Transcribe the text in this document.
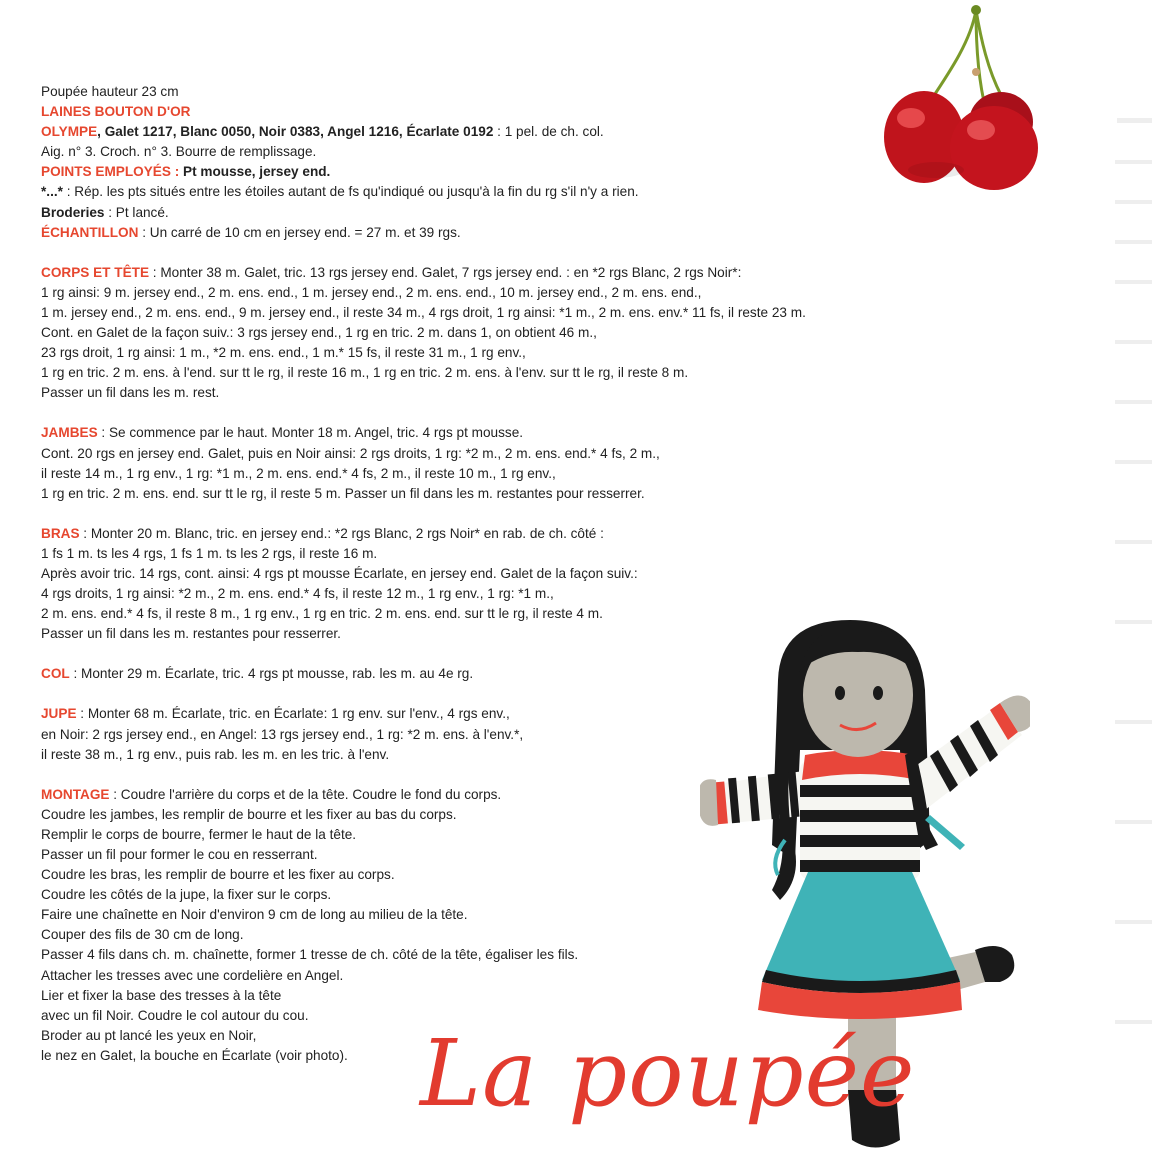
Poupée hauteur 23 cm
LAINES BOUTON D'OR
OLYMPE, Galet 1217, Blanc 0050, Noir 0383, Angel 1216, Écarlate 0192 : 1 pel. de ch. col.
Aig. n° 3. Croch. n° 3. Bourre de remplissage.
POINTS EMPLOYÉS : Pt mousse, jersey end.
*...* : Rép. les pts situés entre les étoiles autant de fs qu'indiqué ou jusqu'à la fin du rg s'il n'y a rien.
Broderies : Pt lancé.
ÉCHANTILLON : Un carré de 10 cm en jersey end. = 27 m. et 39 rgs.
CORPS ET TÊTE : Monter 38 m. Galet, tric. 13 rgs jersey end. Galet, 7 rgs jersey end. : en *2 rgs Blanc, 2 rgs Noir*:
1 rg ainsi: 9 m. jersey end., 2 m. ens. end., 1 m. jersey end., 2 m. ens. end., 10 m. jersey end., 2 m. ens. end.,
1 m. jersey end., 2 m. ens. end., 9 m. jersey end., il reste 34 m., 4 rgs droit, 1 rg ainsi: *1 m., 2 m. ens. env.* 11 fs, il reste 23 m.
Cont. en Galet de la façon suiv.: 3 rgs jersey end., 1 rg en tric. 2 m. dans 1, on obtient 46 m.,
23 rgs droit, 1 rg ainsi: 1 m., *2 m. ens. end., 1 m.* 15 fs, il reste 31 m., 1 rg env.,
1 rg en tric. 2 m. ens. à l'end. sur tt le rg, il reste 16 m., 1 rg en tric. 2 m. ens. à l'env. sur tt le rg, il reste 8 m.
Passer un fil dans les m. rest.
JAMBES : Se commence par le haut. Monter 18 m. Angel, tric. 4 rgs pt mousse.
Cont. 20 rgs en jersey end. Galet, puis en Noir ainsi: 2 rgs droits, 1 rg: *2 m., 2 m. ens. end.* 4 fs, 2 m.,
il reste 14 m., 1 rg env., 1 rg: *1 m., 2 m. ens. end.* 4 fs, 2 m., il reste 10 m., 1 rg env.,
1 rg en tric. 2 m. ens. end. sur tt le rg, il reste 5 m. Passer un fil dans les m. restantes pour resserrer.
BRAS : Monter 20 m. Blanc, tric. en jersey end.: *2 rgs Blanc, 2 rgs Noir* en rab. de ch. côté :
1 fs 1 m. ts les 4 rgs, 1 fs 1 m. ts les 2 rgs, il reste 16 m.
Après avoir tric. 14 rgs, cont. ainsi: 4 rgs pt mousse Écarlate, en jersey end. Galet de la façon suiv.:
4 rgs droits, 1 rg ainsi: *2 m., 2 m. ens. end.* 4 fs, il reste 12 m., 1 rg env., 1 rg: *1 m.,
2 m. ens. end.* 4 fs, il reste 8 m., 1 rg env., 1 rg en tric. 2 m. ens. end. sur tt le rg, il reste 4 m.
Passer un fil dans les m. restantes pour resserrer.
COL : Monter 29 m. Écarlate, tric. 4 rgs pt mousse, rab. les m. au 4e rg.
JUPE : Monter 68 m. Écarlate, tric. en Écarlate: 1 rg env. sur l'env., 4 rgs env.,
en Noir: 2 rgs jersey end., en Angel: 13 rgs jersey end., 1 rg: *2 m. ens. à l'env.*,
il reste 38 m., 1 rg env., puis rab. les m. en les tric. à l'env.
MONTAGE : Coudre l'arrière du corps et de la tête. Coudre le fond du corps.
Coudre les jambes, les remplir de bourre et les fixer au bas du corps.
Remplir le corps de bourre, fermer le haut de la tête.
Passer un fil pour former le cou en resserrant.
Coudre les bras, les remplir de bourre et les fixer au corps.
Coudre les côtés de la jupe, la fixer sur le corps.
Faire une chaînette en Noir d'environ 9 cm de long au milieu de la tête.
Couper des fils de 30 cm de long.
Passer 4 fils dans ch. m. chaînette, former 1 tresse de ch. côté de la tête, égaliser les fils.
Attacher les tresses avec une cordelière en Angel.
Lier et fixer la base des tresses à la tête
avec un fil Noir. Coudre le col autour du cou.
Broder au pt lancé les yeux en Noir,
le nez en Galet, la bouche en Écarlate (voir photo). La poupée
